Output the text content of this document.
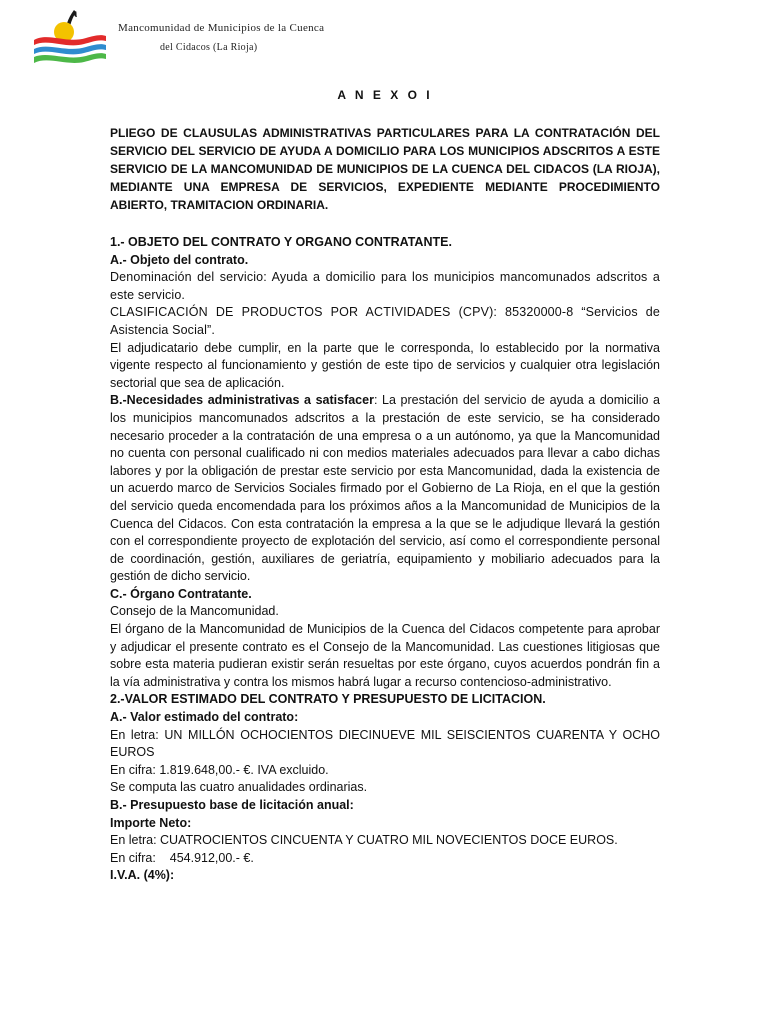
Mancomunidad de Municipios de la Cuenca
del Cidacos (La Rioja)

A N E X O I

PLIEGO DE CLAUSULAS ADMINISTRATIVAS PARTICULARES PARA LA CONTRATACIÓN DEL SERVICIO DEL SERVICIO DE AYUDA A DOMICILIO PARA LOS MUNICIPIOS ADSCRITOS A ESTE SERVICIO DE LA MANCOMUNIDAD DE MUNICIPIOS DE LA CUENCA DEL CIDACOS (LA RIOJA), MEDIANTE UNA EMPRESA DE SERVICIOS, EXPEDIENTE MEDIANTE PROCEDIMIENTO ABIERTO, TRAMITACION ORDINARIA.

1.- OBJETO DEL CONTRATO Y ORGANO CONTRATANTE.

A.- Objeto del contrato.

Denominación del servicio: Ayuda a domicilio para los municipios mancomunados adscritos a este servicio.

CLASIFICACIÓN DE PRODUCTOS POR ACTIVIDADES (CPV): 85320000-8 “Servicios de Asistencia Social”.

El adjudicatario debe cumplir, en la parte que le corresponda, lo establecido por la normativa vigente respecto al funcionamiento y gestión de este tipo de servicios y cualquier otra legislación sectorial que sea de aplicación.

B.-Necesidades administrativas a satisfacer: La prestación del servicio de ayuda a domicilio a los municipios mancomunados adscritos a la prestación de este servicio, se ha considerado necesario proceder a la contratación de una empresa o a un autónomo, ya que la Mancomunidad no cuenta con personal cualificado ni con medios materiales adecuados para llevar a cabo dichas labores y por la obligación de prestar este servicio por esta Mancomunidad, dada la existencia de un acuerdo marco de Servicios Sociales firmado por el Gobierno de La Rioja, en el que la gestión del servicio queda encomendada para los próximos años a la Mancomunidad de Municipios de la Cuenca del Cidacos. Con esta contratación la empresa a la que se le adjudique llevará la gestión con el correspondiente proyecto de explotación del servicio, así como el correspondiente personal de coordinación, gestión, auxiliares de geriatría, equipamiento y mobiliario adecuados para la gestión de dicho servicio.

C.- Órgano Contratante.

Consejo de la Mancomunidad.

El órgano de la Mancomunidad de Municipios de la Cuenca del Cidacos competente para aprobar y adjudicar el presente contrato es el Consejo de la Mancomunidad. Las cuestiones litigiosas que sobre esta materia pudieran existir serán resueltas por este órgano, cuyos acuerdos pondrán fin a la vía administrativa y contra los mismos habrá lugar a recurso contencioso-administrativo.

2.-VALOR ESTIMADO DEL CONTRATO Y PRESUPUESTO DE LICITACION.

A.- Valor estimado del contrato:

En letra: UN MILLÓN OCHOCIENTOS DIECINUEVE MIL SEISCIENTOS CUARENTA Y OCHO EUROS

En cifra: 1.819.648,00.- €. IVA excluido.

Se computa las cuatro anualidades ordinarias.

B.- Presupuesto base de licitación anual:

Importe Neto:

En letra: CUATROCIENTOS CINCUENTA Y CUATRO MIL NOVECIENTOS DOCE EUROS.

En cifra:    454.912,00.- €.

I.V.A. (4%):
